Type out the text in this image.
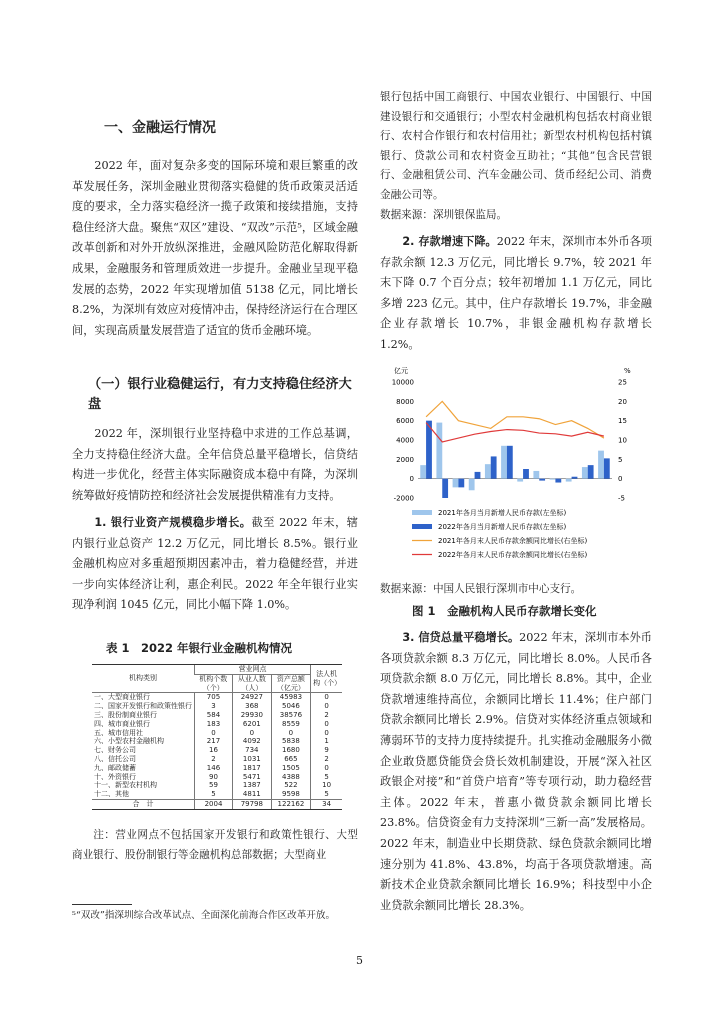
一、金融运行情况

2022 年，面对复杂多变的国际环境和艰巨繁重的改革发展任务，深圳金融业贯彻落实稳健的货币政策灵活适度的要求，全力落实稳经济一揽子政策和接续措施，支持稳住经济大盘。聚焦“双区”建设、“双改”示范⁵，区域金融改革创新和对外开放纵深推进，金融风险防范化解取得新成果，金融服务和管理质效进一步提升。金融业呈现平稳发展的态势，2022 年实现增加值 5138 亿元，同比增长 8.2%，为深圳有效应对疫情冲击，保持经济运行在合理区间，实现高质量发展营造了适宜的货币金融环境。

（一）银行业稳健运行，有力支持稳住经济大盘

2022 年，深圳银行业坚持稳中求进的工作总基调，全力支持稳住经济大盘。全年信贷总量平稳增长，信贷结构进一步优化，经营主体实际融资成本稳中有降，为深圳统筹做好疫情防控和经济社会发展提供精准有力支持。

1. 银行业资产规模稳步增长。截至 2022 年末，辖内银行业总资产 12.2 万亿元，同比增长 8.5%。银行业金融机构应对多重超预期因素冲击，着力稳健经营，并进一步向实体经济让利，惠企利民。2022 年全年银行业实现净利润 1045 亿元，同比小幅下降 1.0%。

表 1　2022 年银行业金融机构情况
机构类别	营业网点			法人机构（个）
	机构个数（个）	从业人数（人）	资产总额（亿元）	
一、大型商业银行	705	24927	45983	0
二、国家开发银行和政策性银行	3	368	5046	0
三、股份制商业银行	584	29930	38576	2
四、城市商业银行	183	6201	8559	0
五、城市信用社	0	0	0	0
六、小型农村金融机构	217	4092	5838	1
七、财务公司	16	734	1680	9
八、信托公司	2	1031	665	2
九、邮政储蓄	146	1817	1505	0
十、外资银行	90	5471	4388	5
十一、新型农村机构	59	1387	522	10
十二、其他	5	4811	9598	5
合　计	2004	79798	122162	34

注：营业网点不包括国家开发银行和政策性银行、大型商业银行、股份制银行等金融机构总部数据；大型商业

⁵“双改”指深圳综合改革试点、全面深化前海合作区改革开放。

5

银行包括中国工商银行、中国农业银行、中国银行、中国建设银行和交通银行；小型农村金融机构包括农村商业银行、农村合作银行和农村信用社；新型农村机构包括村镇银行、贷款公司和农村资金互助社；“其他”包含民营银行、金融租赁公司、汽车金融公司、货币经纪公司、消费金融公司等。

数据来源：深圳银保监局。

2. 存款增速下降。2022 年末，深圳市本外币各项存款余额 12.3 万亿元，同比增长 9.7%，较 2021 年末下降 0.7 个百分点；较年初增加 1.1 万亿元，同比多增 223 亿元。其中，住户存款增长 19.7%，非金融企业存款增长 10.7%，非银金融机构存款增长 1.2%。

亿元	%
10000
8000
6000
4000
2000
0
-2000
25
20
15
10
5
0
-5
2021年各月当月新增人民币存款(左坐标)
2022年各月当月新增人民币存款(左坐标)
2021年各月末人民币存款余额同比增长(右坐标)
2022年各月末人民币存款余额同比增长(右坐标)

数据来源：中国人民银行深圳市中心支行。

图 1　金融机构人民币存款增长变化

3. 信贷总量平稳增长。2022 年末，深圳市本外币各项贷款余额 8.3 万亿元，同比增长 8.0%。人民币各项贷款余额 8.0 万亿元，同比增长 8.8%。其中，企业贷款增速维持高位，余额同比增长 11.4%；住户部门贷款余额同比增长 2.9%。信贷对实体经济重点领域和薄弱环节的支持力度持续提升。扎实推动金融服务小微企业敢贷愿贷能贷会贷长效机制建设，开展“深入社区政银企对接”和“首贷户培育”等专项行动，助力稳经营主体。2022 年末，普惠小微贷款余额同比增长 23.8%。信贷资金有力支持深圳“三新一高”发展格局。2022 年末，制造业中长期贷款、绿色贷款余额同比增速分别为 41.8%、43.8%，均高于各项贷款增速。高新技术企业贷款余额同比增长 16.9%；科技型中小企业贷款余额同比增长 28.3%。
